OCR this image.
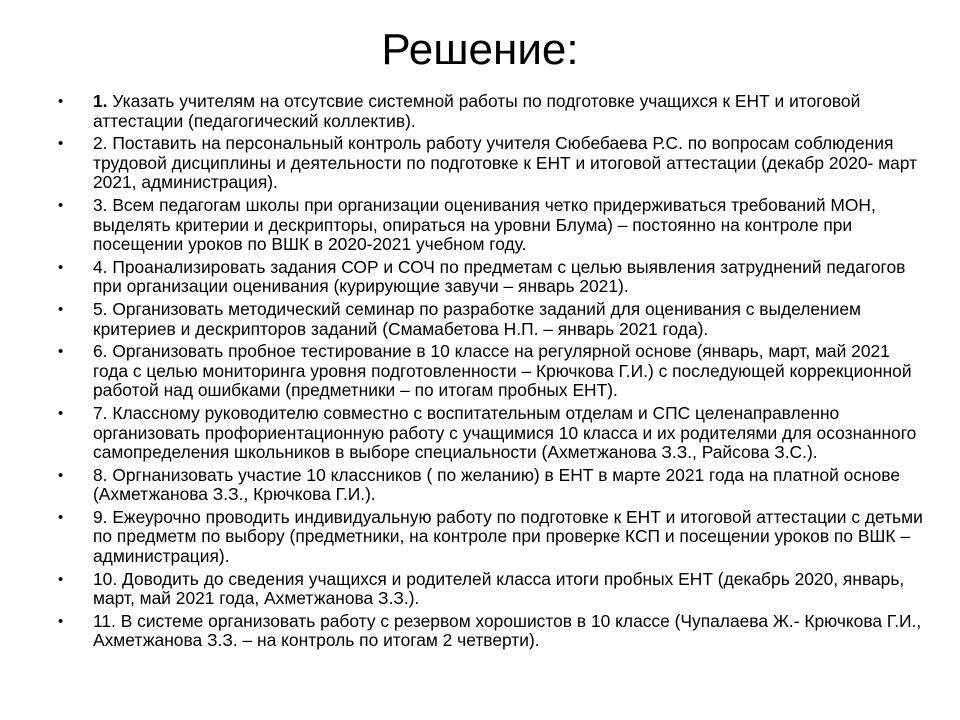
Решение:
• 1. Указать учителям на отсутсвие системной работы по подготовке учащихся к ЕНТ и итоговой аттестации (педагогический коллектив).
• 2. Поставить на персональный контроль работу учителя Сюбебаева Р.С. по вопросам соблюдения трудовой дисциплины и деятельности по подготовке к ЕНТ и итоговой аттестации (декабр 2020- март 2021, администрация).
• 3. Всем педагогам школы при организации оценивания четко придерживаться требований МОН, выделять критерии и дескрипторы, опираться на уровни Блума) – постоянно на контроле при посещении уроков по ВШК в 2020-2021 учебном году.
• 4. Проанализировать задания СОР и СОЧ по предметам с целью выявления затруднений педагогов при организации оценивания (курирующие завучи – январь 2021).
• 5. Организовать методический семинар по разработке заданий для оценивания с выделением критериев и дескрипторов заданий (Смамабетова Н.П. – январь 2021 года).
• 6. Организовать пробное тестирование в 10 классе на регулярной основе (январь, март, май 2021 года с целью мониторинга уровня подготовленности – Крючкова Г.И.) с последующей коррекционной работой над ошибками (предметники – по итогам пробных ЕНТ).
• 7. Классному руководителю совместно с воспитательным отделам и СПС целенаправленно организовать профориентационную работу с учащимися 10 класса и их родителями для осознанного самопределения школьников в выборе специальности (Ахметжанова З.З., Райсова З.С.).
• 8. Оргнанизовать участие 10 классников ( по желанию) в ЕНТ в марте 2021 года на платной основе (Ахметжанова З.З., Крючкова Г.И.).
• 9. Ежеурочно проводить индивидуальную работу по подготовке к ЕНТ и итоговой аттестации с детьми по предметм по выбору (предметники, на контроле при проверке КСП и посещении уроков по ВШК – администрация).
• 10. Доводить до сведения учащихся и родителей класса итоги пробных ЕНТ (декабрь 2020, январь, март, май 2021 года, Ахметжанова З.З.).
• 11. В системе организовать работу с резервом хорошистов в 10 классе (Чупалаева Ж.- Крючкова Г.И., Ахметжанова З.З. – на контроль по итогам 2 четверти).
